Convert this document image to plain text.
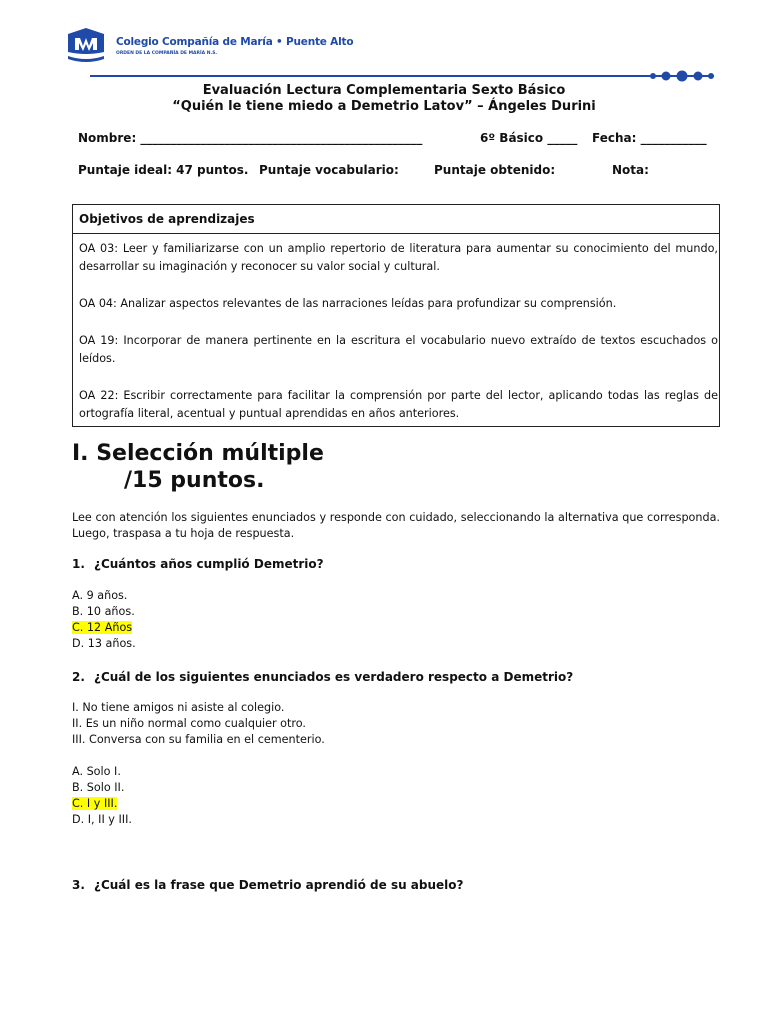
Colegio Compañía de María • Puente Alto
ORDEN DE LA COMPAÑÍA DE MARÍA N.S.
Evaluación Lectura Complementaria Sexto Básico
“Quién le tiene miedo a Demetrio Latov” – Ángeles Durini
Nombre: _______________________________________________	6º Básico _____ Fecha: ___________
Puntaje ideal: 47 puntos. Puntaje vocabulario:	Puntaje obtenido:	Nota:
Objetivos de aprendizajes

OA 03: Leer y familiarizarse con un amplio repertorio de literatura para aumentar su conocimiento del mundo, desarrollar su imaginación y reconocer su valor social y cultural.

OA 04: Analizar aspectos relevantes de las narraciones leídas para profundizar su comprensión.

OA 19: Incorporar de manera pertinente en la escritura el vocabulario nuevo extraído de textos escuchados o leídos.

OA 22: Escribir correctamente para facilitar la comprensión por parte del lector, aplicando todas las reglas de ortografía literal, acentual y puntual aprendidas en años anteriores.

I. Selección múltiple
/15 puntos.
Lee con atención los siguientes enunciados y responde con cuidado, seleccionando la alternativa que corresponda. Luego, traspasa a tu hoja de respuesta.
1. ¿Cuántos años cumplió Demetrio?
A. 9 años.
B. 10 años.
C. 12 Años
D. 13 años.
2. ¿Cuál de los siguientes enunciados es verdadero respecto a Demetrio?
I. No tiene amigos ni asiste al colegio.
II. Es un niño normal como cualquier otro.
III. Conversa con su familia en el cementerio.
A. Solo I.
B. Solo II.
C. I y III.
D. I, II y III.
3. ¿Cuál es la frase que Demetrio aprendió de su abuelo?
